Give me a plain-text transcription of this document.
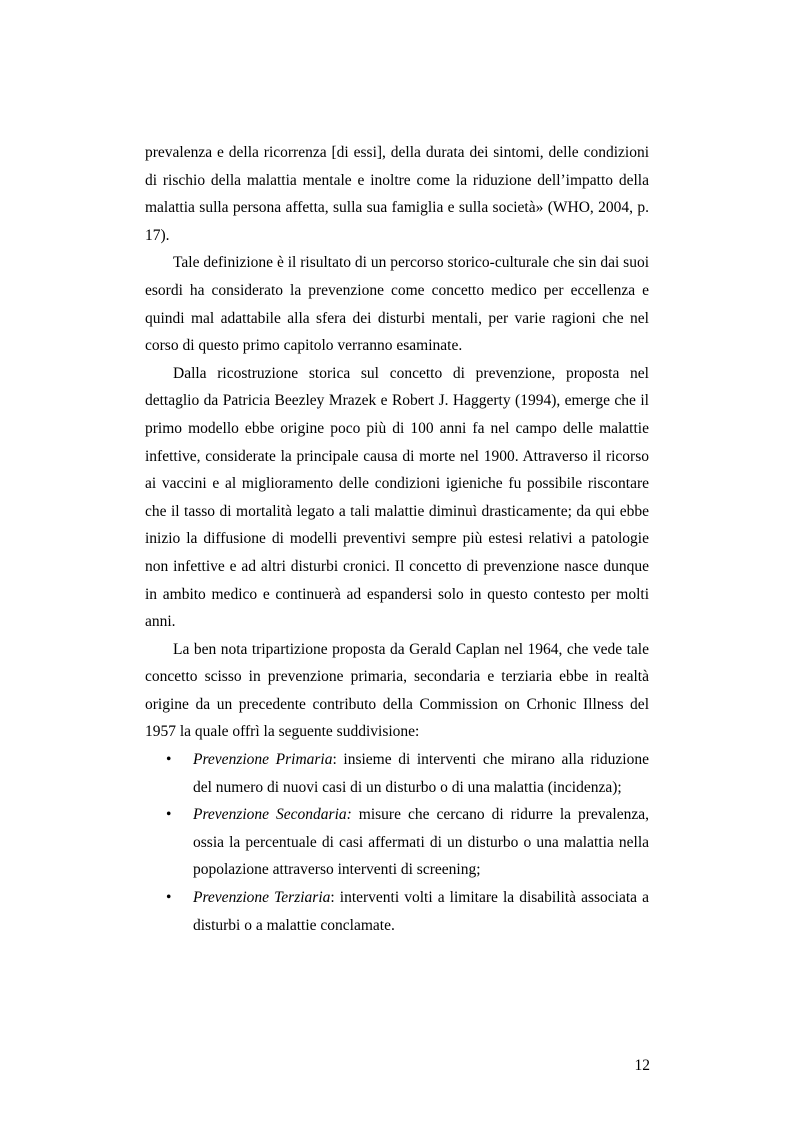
prevalenza e della ricorrenza [di essi], della durata dei sintomi, delle condizioni di rischio della malattia mentale e inoltre come la riduzione dell’impatto della malattia sulla persona affetta, sulla sua famiglia e sulla società» (WHO, 2004, p. 17).

Tale definizione è il risultato di un percorso storico-culturale che sin dai suoi esordi ha considerato la prevenzione come concetto medico per eccellenza e quindi mal adattabile alla sfera dei disturbi mentali, per varie ragioni che nel corso di questo primo capitolo verranno esaminate.

Dalla ricostruzione storica sul concetto di prevenzione, proposta nel dettaglio da Patricia Beezley Mrazek e Robert J. Haggerty (1994), emerge che il primo modello ebbe origine poco più di 100 anni fa nel campo delle malattie infettive, considerate la principale causa di morte nel 1900. Attraverso il ricorso ai vaccini e al miglioramento delle condizioni igieniche fu possibile riscontare che il tasso di mortalità legato a tali malattie diminuì drasticamente; da qui ebbe inizio la diffusione di modelli preventivi sempre più estesi relativi a patologie non infettive e ad altri disturbi cronici. Il concetto di prevenzione nasce dunque in ambito medico e continuerà ad espandersi solo in questo contesto per molti anni.

La ben nota tripartizione proposta da Gerald Caplan nel 1964, che vede tale concetto scisso in prevenzione primaria, secondaria e terziaria ebbe in realtà origine da un precedente contributo della Commission on Crhonic Illness del 1957 la quale offrì la seguente suddivisione:

• Prevenzione Primaria: insieme di interventi che mirano alla riduzione del numero di nuovi casi di un disturbo o di una malattia (incidenza);
• Prevenzione Secondaria: misure che cercano di ridurre la prevalenza, ossia la percentuale di casi affermati di un disturbo o una malattia nella popolazione attraverso interventi di screening;
• Prevenzione Terziaria: interventi volti a limitare la disabilità associata a disturbi o a malattie conclamate.
12
